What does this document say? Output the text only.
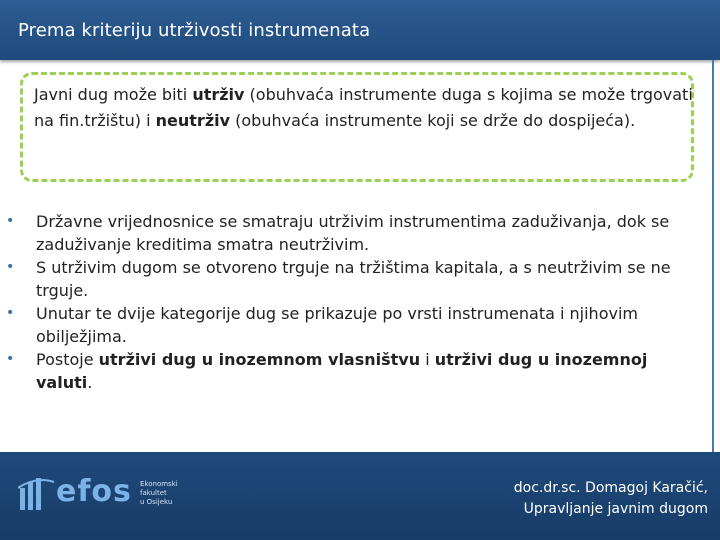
Prema kriteriju utrživosti instrumenata
Javni dug može biti utrživ (obuhvaća instrumente duga s kojima se može trgovati na fin.tržištu) i neutrživ (obuhvaća instrumente koji se drže do dospijeća).
• Državne vrijednosnice se smatraju utrživim instrumentima zaduživanja, dok se zaduživanje kreditima smatra neutrživim.
• S utrživim dugom se otvoreno trguje na tržištima kapitala, a s neutrživim se ne trguje.
• Unutar te dvije kategorije dug se prikazuje po vrsti instrumenata i njihovim obilježjima.
• Postoje utrživi dug u inozemnom vlasništvu i utrživi dug u inozemnoj valuti.
efos Ekonomski fakultet
u Osijeku
doc.dr.sc. Domagoj Karačić,
Upravljanje javnim dugom
